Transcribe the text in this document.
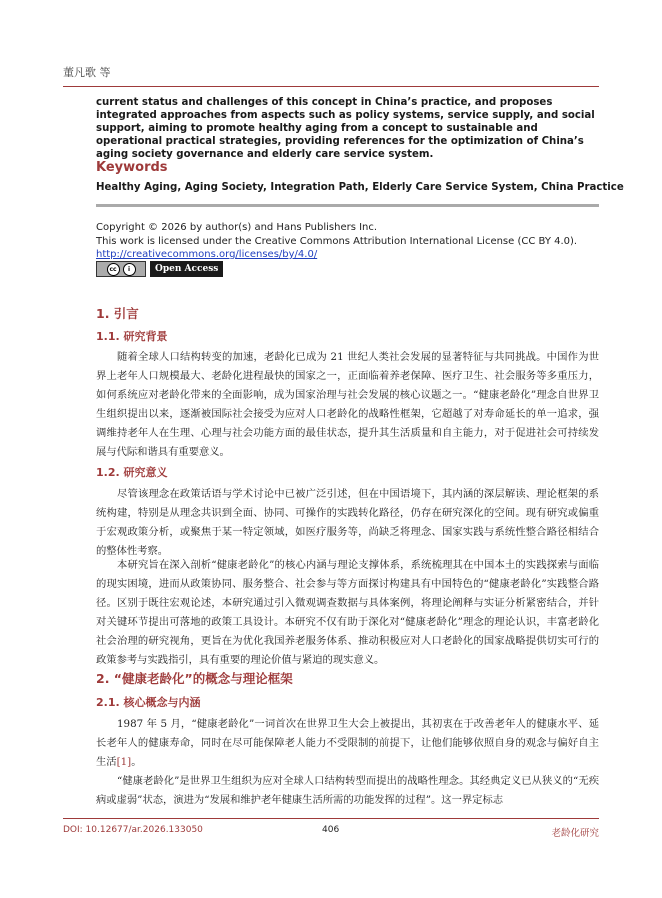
董凡歌 等
current status and challenges of this concept in China’s practice, and proposes integrated approaches from aspects such as policy systems, service supply, and social support, aiming to promote healthy aging from a concept to sustainable and operational practical strategies, providing references for the optimization of China’s aging society governance and elderly care service system.
Keywords
Healthy Aging, Aging Society, Integration Path, Elderly Care Service System, China Practice
Copyright © 2026 by author(s) and Hans Publishers Inc.
This work is licensed under the Creative Commons Attribution International License (CC BY 4.0).
http://creativecommons.org/licenses/by/4.0/
cc	i	Open Access
1. 引言
1.1. 研究背景
随着全球人口结构转变的加速，老龄化已成为 21 世纪人类社会发展的显著特征与共同挑战。中国作为世界上老年人口规模最大、老龄化进程最快的国家之一，正面临着养老保障、医疗卫生、社会服务等多重压力，如何系统应对老龄化带来的全面影响，成为国家治理与社会发展的核心议题之一。“健康老龄化”理念自世界卫生组织提出以来，逐渐被国际社会接受为应对人口老龄化的战略性框架，它超越了对寿命延长的单一追求，强调维持老年人在生理、心理与社会功能方面的最佳状态，提升其生活质量和自主能力，对于促进社会可持续发展与代际和谐具有重要意义。
1.2. 研究意义
尽管该理念在政策话语与学术讨论中已被广泛引述，但在中国语境下，其内涵的深层解读、理论框架的系统构建，特别是从理念共识到全面、协同、可操作的实践转化路径，仍存在研究深化的空间。现有研究或偏重于宏观政策分析，或聚焦于某一特定领域，如医疗服务等，尚缺乏将理念、国家实践与系统性整合路径相结合的整体性考察。
本研究旨在深入剖析“健康老龄化”的核心内涵与理论支撑体系，系统梳理其在中国本土的实践探索与面临的现实困境，进而从政策协同、服务整合、社会参与等方面探讨构建具有中国特色的“健康老龄化”实践整合路径。区别于既往宏观论述，本研究通过引入微观调查数据与具体案例，将理论阐释与实证分析紧密结合，并针对关键环节提出可落地的政策工具设计。本研究不仅有助于深化对“健康老龄化”理念的理论认识，丰富老龄化社会治理的研究视角，更旨在为优化我国养老服务体系、推动积极应对人口老龄化的国家战略提供切实可行的政策参考与实践指引，具有重要的理论价值与紧迫的现实意义。
2. “健康老龄化”的概念与理论框架
2.1. 核心概念与内涵
1987 年 5 月，“健康老龄化”一词首次在世界卫生大会上被提出，其初衷在于改善老年人的健康水平、延长老年人的健康寿命，同时在尽可能保障老人能力不受限制的前提下，让他们能够依照自身的观念与偏好自主生活[1]。
“健康老龄化”是世界卫生组织为应对全球人口结构转型而提出的战略性理念。其经典定义已从狭义的“无疾病或虚弱”状态，演进为“发展和维护老年健康生活所需的功能发挥的过程”。这一界定标志
DOI: 10.12677/ar.2026.133050	406	老龄化研究
